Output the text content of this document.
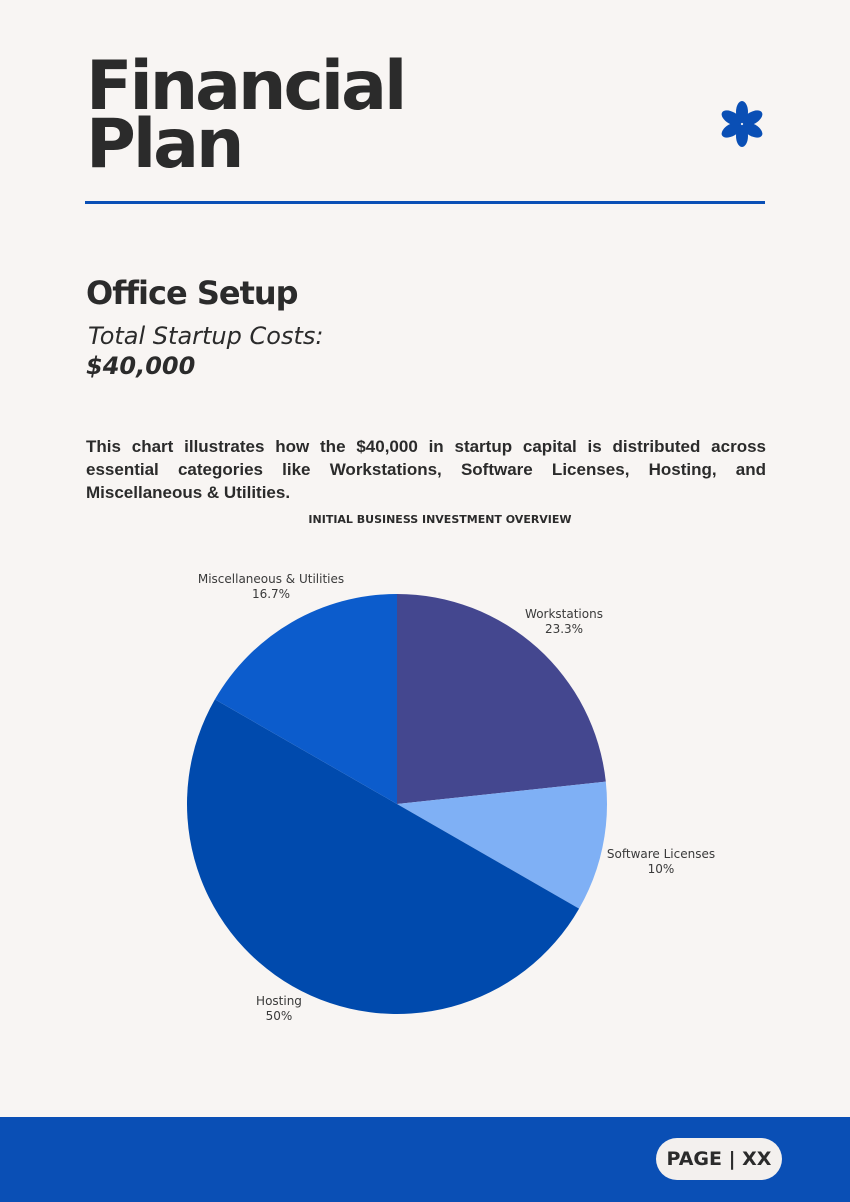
Financial
Plan
Office Setup
Total Startup Costs:
$40,000
This chart illustrates how the $40,000 in startup capital is distributed across essential categories like Workstations, Software Licenses, Hosting, and Miscellaneous & Utilities.
INITIAL BUSINESS INVESTMENT OVERVIEW
Workstations
23.3%
Software Licenses
10%
Hosting
50%
Miscellaneous & Utilities
16.7%
PAGE | XX
